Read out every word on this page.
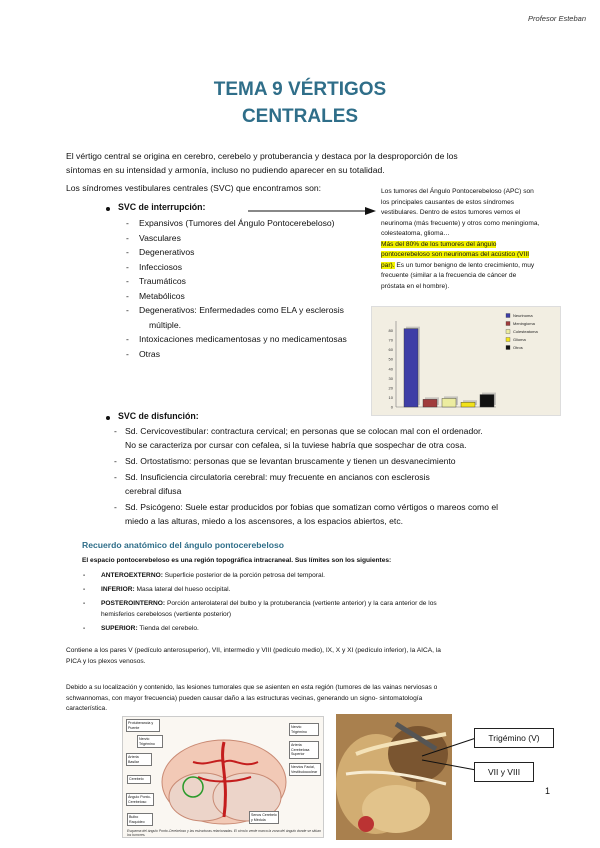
Profesor Esteban
TEMA 9 VÉRTIGOS
CENTRALES
El vértigo central se origina en cerebro, cerebelo y protuberancia y destaca por la desproporción de los
síntomas en su intensidad y armonía, incluso no pudiendo aparecer en su totalidad.
Los síndromes vestibulares centrales (SVC) que encontramos son:
SVC de interrupción:
- Expansivos (Tumores del Ángulo Pontocerebeloso)
- Vasculares
- Degenerativos
- Infecciosos
- Traumáticos
- Metabólicos
- Degenerativos: Enfermedades como ELA y esclerosis
múltiple.
- Intoxicaciones medicamentosas y no medicamentosas
- Otras
Los tumores del Ángulo Pontocerebeloso (APC) son
los principales causantes de estos síndromes
vestibulares. Dentro de estos tumores vemos el
neurinoma (más frecuente) y otros como meningioma,
colesteatoma, glioma…
Más del 80% de los tumores del ángulo
pontocerebeloso son neurinomas del acústico (VIII
par). Es un tumor benigno de lento crecimiento, muy
frecuente (similar a la frecuencia de cáncer de
próstata en el hombre).
0
10
20
30
40
50
60
70
80
Neurinoma
Meningioma
Colesteatoma
Glioma
Otros
SVC de disfunción:
- Sd. Cervicovestibular: contractura cervical; en personas que se colocan mal con el ordenador.
No se caracteriza por cursar con cefalea, si la tuviese habría que sospechar de otra cosa.
- Sd. Ortostatismo: personas que se levantan bruscamente y tienen un desvanecimiento
- Sd. Insuficiencia circulatoria cerebral: muy frecuente en ancianos con esclerosis
cerebral difusa
- Sd. Psicógeno: Suele estar producidos por fobias que somatizan como vértigos o mareos como el
miedo a las alturas, miedo a los ascensores, a los espacios abiertos, etc.
Recuerdo anatómico del ángulo pontocerebeloso
El espacio pontocerebeloso es una región topográfica intracraneal. Sus límites son los siguientes:
- ANTEROEXTERNO: Superficie posterior de la porción petrosa del temporal.
- INFERIOR: Masa lateral del hueso occipital.
- POSTEROINTERNO: Porción anterolateral del bulbo y la protuberancia (vertiente anterior) y la cara anterior de los
hemisferios cerebelosos (vertiente posterior)
- SUPERIOR: Tienda del cerebelo.
Contiene a los pares V (pedículo anterosuperior), VII, intermedio y VIII (pedículo medio), IX, X y XI (pedículo inferior), la AICA, la
PICA y los plexos venosos.
Debido a su localización y contenido, las lesiones tumorales que se asienten en esta región (tumores de las vainas nerviosas o
schwannomas, con mayor frecuencia) pueden causar daño a las estructuras vecinas, generando un signo- sintomatología
característica.
Protuberancia y Puente
Nervio Trigémino
Arteria Basilar
Nervio Trigémino
Arteria Cerebelosa Superior
Nervios Facial, Vestibulococlear
Cerebelo
Ángulo Ponto-Cerebeloso
Bulbo Raquídeo
Senos Cerebelo y Médula
Esquema del ángulo Ponto-Cerebeloso y las estructuras relacionadas. El círculo verde marca la zona del ángulo donde se sitúan los tumores.
Trigémino (V)
VII y VIII
1
